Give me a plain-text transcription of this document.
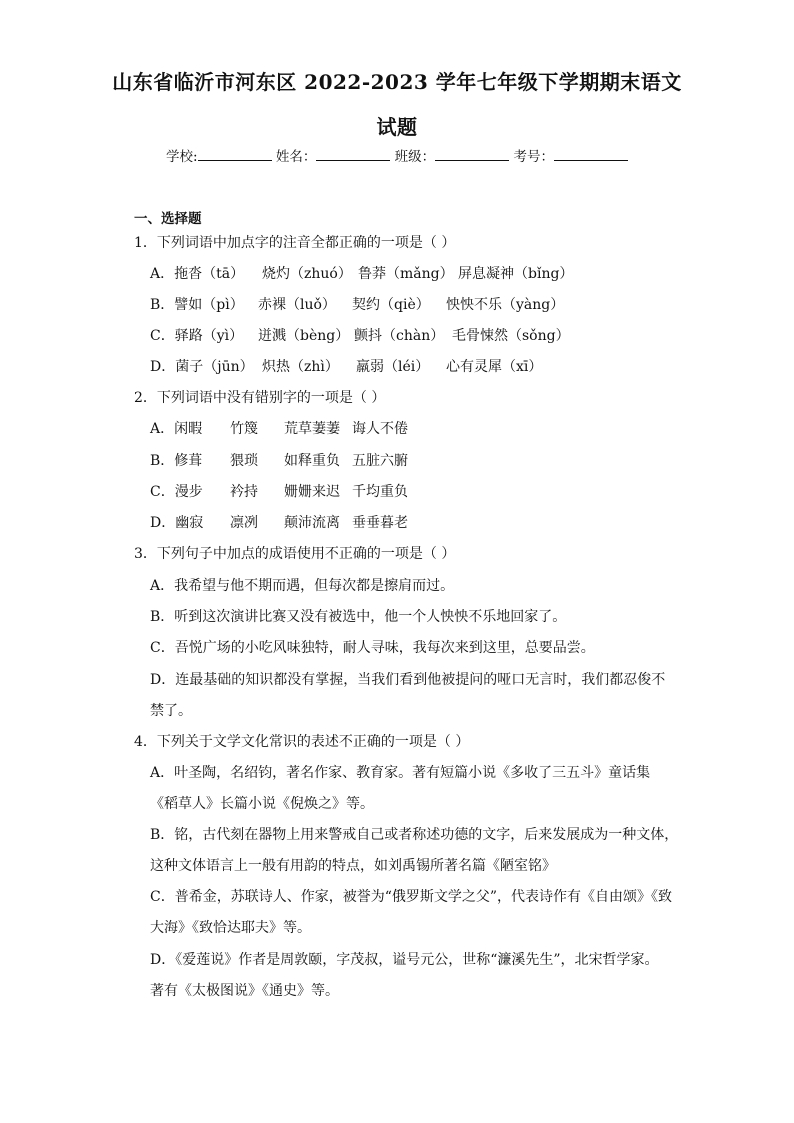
山东省临沂市河东区 2022-2023 学年七年级下学期期末语文
试题
学校:	姓名：	班级：	考号：
一、选择题
1．下列词语中加点字的注音全都正确的一项是（ ）
A．拖沓（tā） 烧灼（zhuó） 鲁莽（mǎng） 屏息凝神（bǐng）
B．譬如（pì） 赤裸（luǒ） 契约（qiè） 怏怏不乐（yàng）
C．驿路（yì） 迸溅（bèng） 颤抖（chàn） 毛骨悚然（sǒng）
D．菌子（jūn） 炽热（zhì） 羸弱（léi） 心有灵犀（xī）
2．下列词语中没有错别字的一项是（ ）
A．闲暇 竹篾 荒草萋萋 诲人不倦
B．修葺 猥琐 如释重负 五脏六腑
C．漫步 衿持 姗姗来迟 千均重负
D．幽寂 凛冽 颠沛流离 垂垂暮老
3．下列句子中加点的成语使用不正确的一项是（ ）
A．我希望与他不期而遇，但每次都是擦肩而过。
B．听到这次演讲比赛又没有被选中，他一个人怏怏不乐地回家了。
C．吾悦广场的小吃风味独特，耐人寻味，我每次来到这里，总要品尝。
D．连最基础的知识都没有掌握，当我们看到他被提问的哑口无言时，我们都忍俊不
禁了。
4．下列关于文学文化常识的表述不正确的一项是（ ）
A．叶圣陶，名绍钧，著名作家、教育家。著有短篇小说《多收了三五斗》童话集
《稻草人》长篇小说《倪焕之》等。
B．铭，古代刻在器物上用来警戒自己或者称述功德的文字，后来发展成为一种文体，
这种文体语言上一般有用韵的特点，如刘禹锡所著名篇《陋室铭》
C．普希金，苏联诗人、作家，被誉为“俄罗斯文学之父”，代表诗作有《自由颂》《致
大海》《致恰达耶夫》等。
D．《爱莲说》作者是周敦颐，字茂叔，谥号元公，世称“濂溪先生”，北宋哲学家。
著有《太极图说》《通史》等。
